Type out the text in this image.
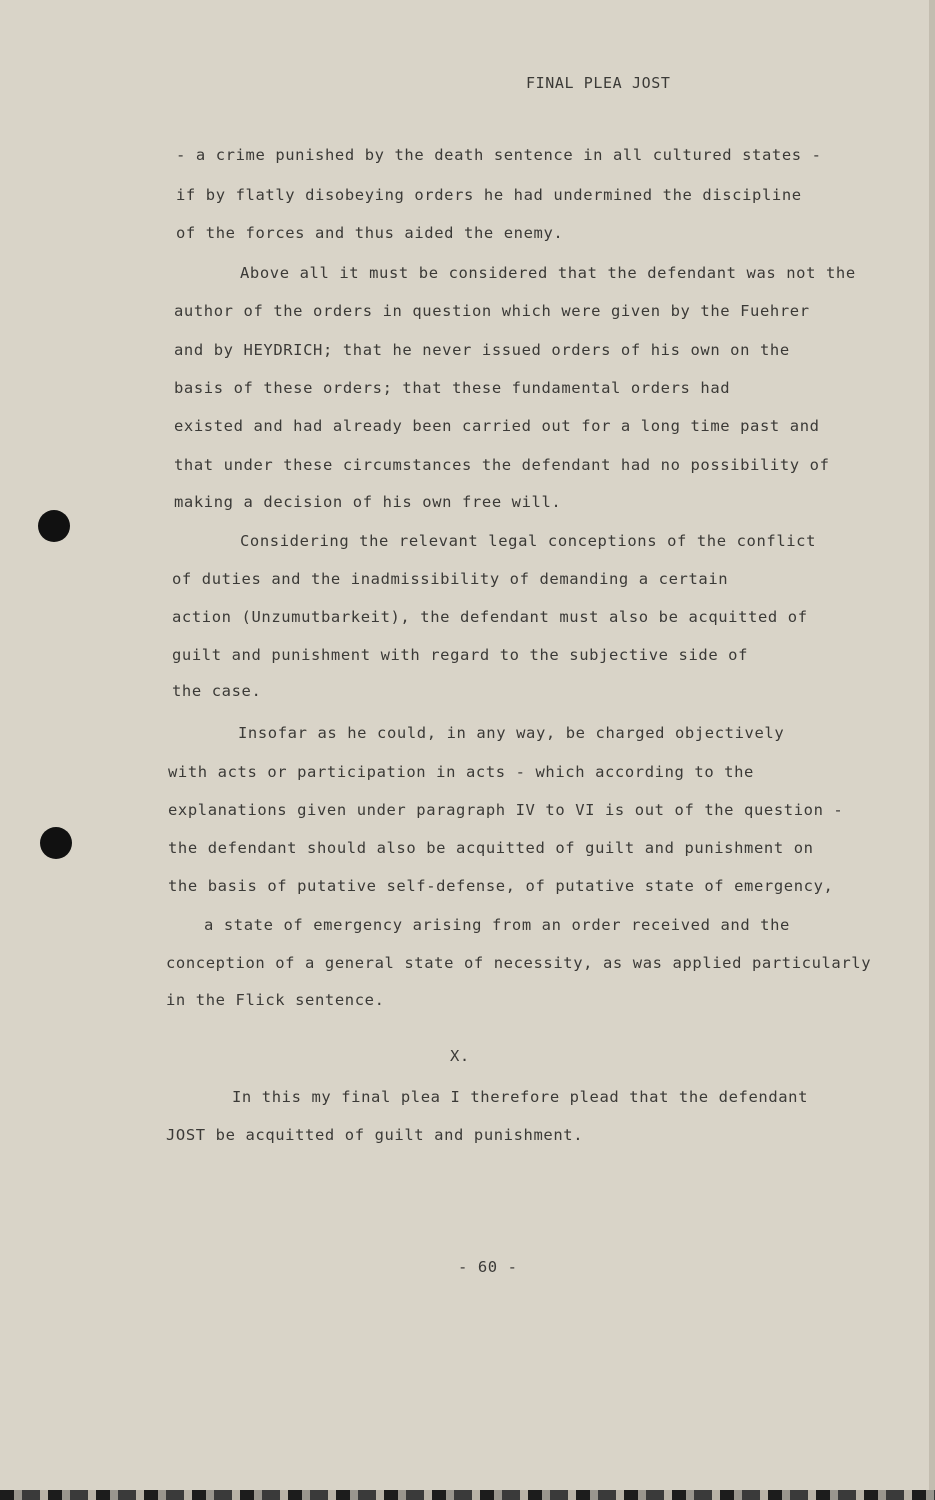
FINAL PLEA JOST
- a crime punished by the death sentence in all cultured states -
if by flatly disobeying orders he had undermined the discipline
of the forces and thus aided the enemy.
Above all it must be considered that the defendant was not the
author of the orders in question which were given by the Fuehrer
and by HEYDRICH; that he never issued orders of his own on the
basis of these orders; that these fundamental orders had
existed and had already been carried out for a long time past and
that under these circumstances the defendant had no possibility of
making a decision of his own free will.
Considering the relevant legal conceptions of the conflict
of duties and the inadmissibility of demanding a certain
action (Unzumutbarkeit), the defendant must also be acquitted of
guilt and punishment with regard to the subjective side of
the case.
Insofar as he could, in any way, be charged objectively
with acts or participation in acts - which according to the
explanations given under paragraph IV to VI is out of the question -
the defendant should also be acquitted of guilt and punishment on
the basis of putative self-defense, of putative state of emergency,
a state of emergency arising from an order received and the
conception of a general state of necessity, as was applied particularly
in the Flick sentence.
X.
In this my final plea I therefore plead that the defendant
JOST be acquitted of guilt and punishment.
- 60 -
